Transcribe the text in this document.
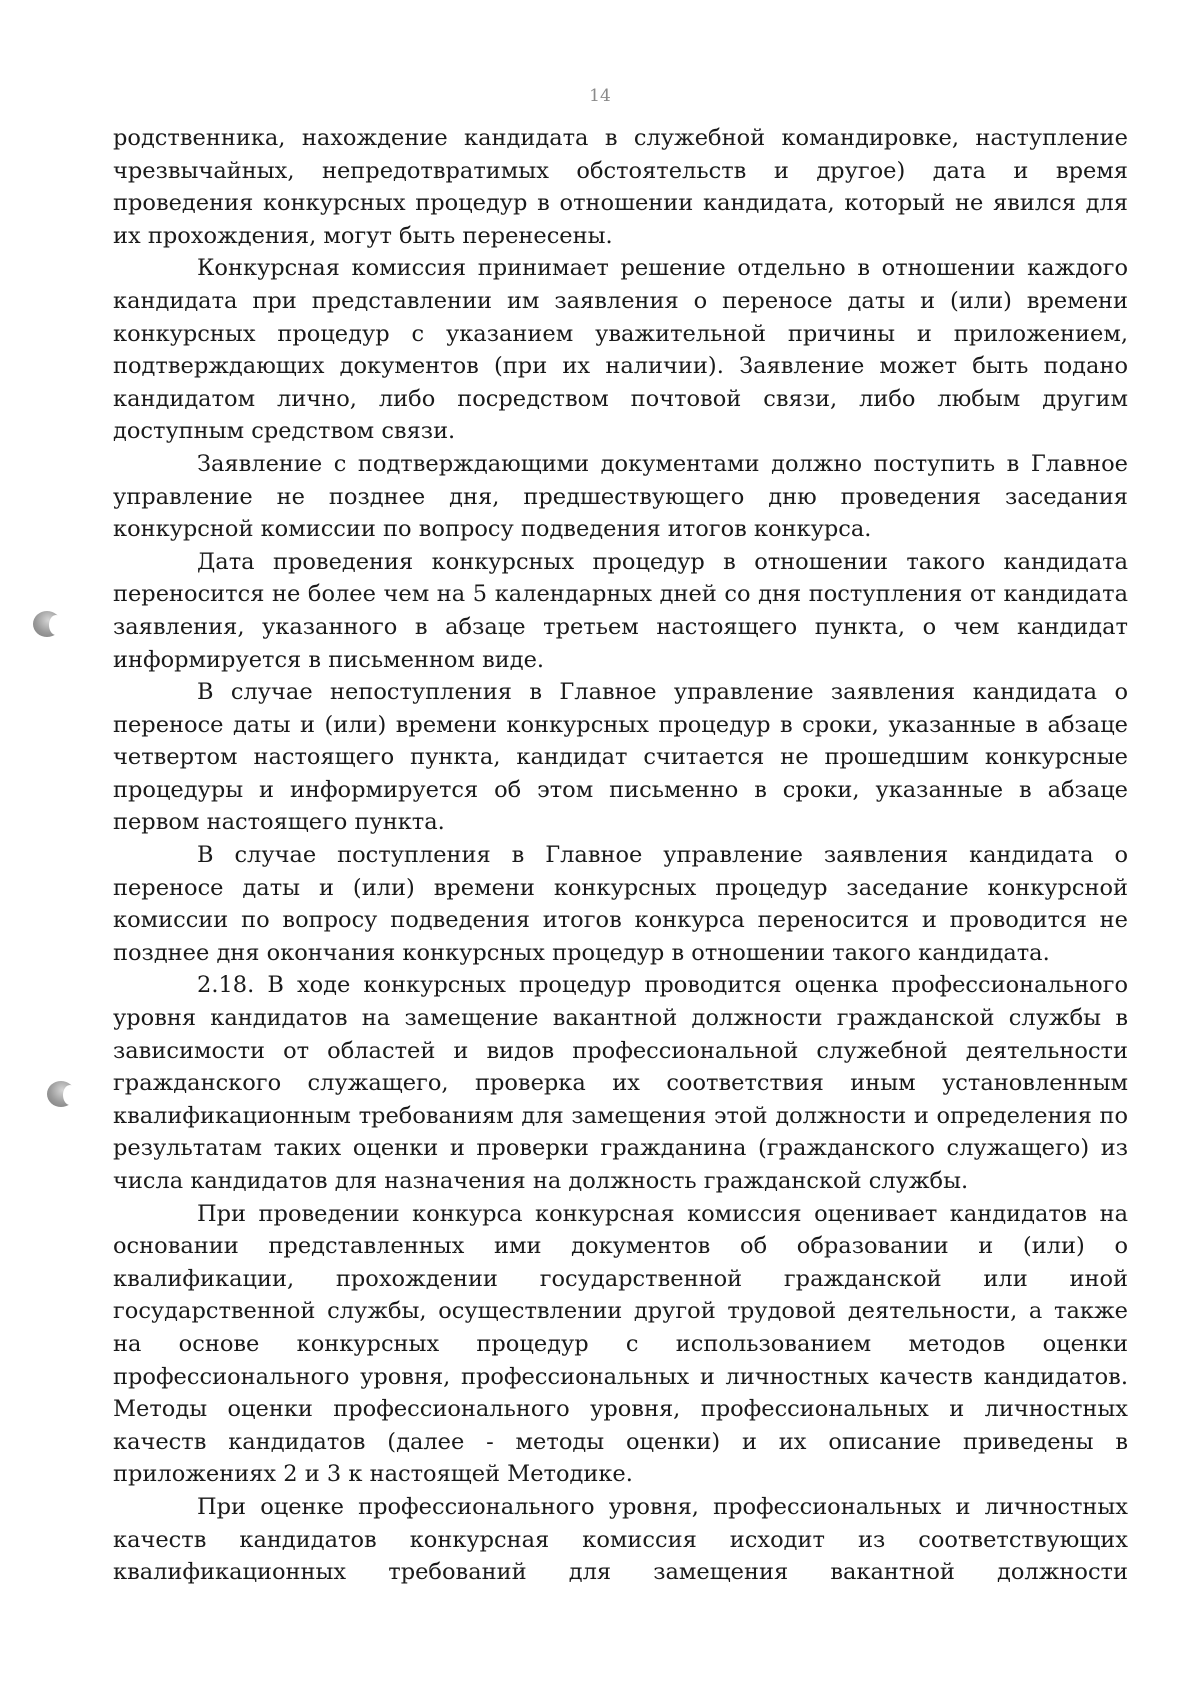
14

родственника, нахождение кандидата в служебной командировке, наступление чрезвычайных, непредотвратимых обстоятельств и другое) дата и время проведения конкурсных процедур в отношении кандидата, который не явился для их прохождения, могут быть перенесены.

Конкурсная комиссия принимает решение отдельно в отношении каждого кандидата при представлении им заявления о переносе даты и (или) времени конкурсных процедур с указанием уважительной причины и приложением, подтверждающих документов (при их наличии). Заявление может быть подано кандидатом лично, либо посредством почтовой связи, либо любым другим доступным средством связи.

Заявление с подтверждающими документами должно поступить в Главное управление не позднее дня, предшествующего дню проведения заседания конкурсной комиссии по вопросу подведения итогов конкурса.

Дата проведения конкурсных процедур в отношении такого кандидата переносится не более чем на 5 календарных дней со дня поступления от кандидата заявления, указанного в абзаце третьем настоящего пункта, о чем кандидат информируется в письменном виде.

В случае непоступления в Главное управление заявления кандидата о переносе даты и (или) времени конкурсных процедур в сроки, указанные в абзаце четвертом настоящего пункта, кандидат считается не прошедшим конкурсные процедуры и информируется об этом письменно в сроки, указанные в абзаце первом настоящего пункта.

В случае поступления в Главное управление заявления кандидата о переносе даты и (или) времени конкурсных процедур заседание конкурсной комиссии по вопросу подведения итогов конкурса переносится и проводится не позднее дня окончания конкурсных процедур в отношении такого кандидата.

2.18. В ходе конкурсных процедур проводится оценка профессионального уровня кандидатов на замещение вакантной должности гражданской службы в зависимости от областей и видов профессиональной служебной деятельности гражданского служащего, проверка их соответствия иным установленным квалификационным требованиям для замещения этой должности и определения по результатам таких оценки и проверки гражданина (гражданского служащего) из числа кандидатов для назначения на должность гражданской службы.

При проведении конкурса конкурсная комиссия оценивает кандидатов на основании представленных ими документов об образовании и (или) о квалификации, прохождении государственной гражданской или иной государственной службы, осуществлении другой трудовой деятельности, а также на основе конкурсных процедур с использованием методов оценки профессионального уровня, профессиональных и личностных качеств кандидатов. Методы оценки профессионального уровня, профессиональных и личностных качеств кандидатов (далее - методы оценки) и их описание приведены в приложениях 2 и 3 к настоящей Методике.

При оценке профессионального уровня, профессиональных и личностных качеств кандидатов конкурсная комиссия исходит из соответствующих квалификационных требований для замещения вакантной должности
